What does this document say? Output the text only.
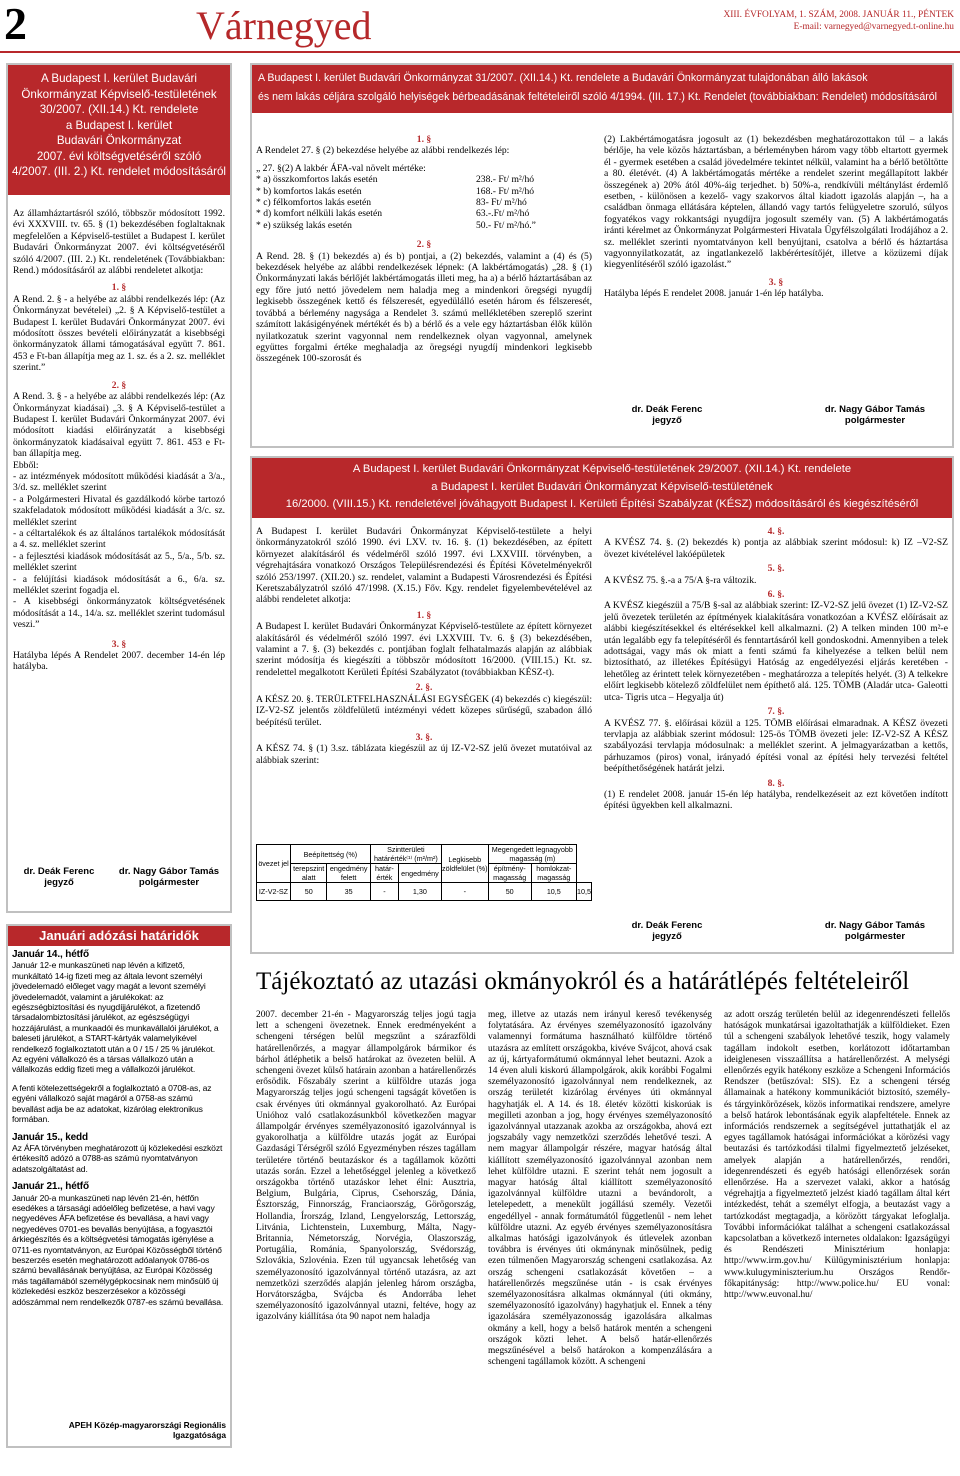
2	Várnegyed	XIII. ÉVFOLYAM, 1. SZÁM, 2008. JANUÁR 11., PÉNTEK
E-mail: varnegyed@varnegyed.t-online.hu
A Budapest I. kerület Budavári
Önkormányzat Képviselő-testületének
30/2007. (XII.14.) Kt. rendelete
a Budapest I. kerület
Budavári Önkormányzat
2007. évi költségvetéséről szóló
4/2007. (III. 2.) Kt. rendelet módosításáról

Az államháztartásról szóló, többször módosított 1992. évi XXXVIII. tv. 65. § (1) bekezdésében foglaltaknak megfelelően a Képviselő-testület a Budapest I. kerület Budavári Önkormányzat 2007. évi költségvetéséről szóló 4/2007. (III. 2.) Kt. rendeletének (Továbbiakban: Rend.) módosításáról az alábbi rendeletet alkotja:

1. §

A Rend. 2. § - a helyébe az alábbi rendelkezés lép: (Az Önkormányzat bevételei) „2. § A Képviselő-testület a Budapest I. kerület Budavári Önkormányzat 2007. évi módosított összes bevételi előirányzatát a kisebbségi önkormányzatok állami támogatásával együtt 7. 861. 453 e Ft-ban állapítja meg az 1. sz. és a 2. sz. melléklet szerint.”

2. §

A Rend. 3. § - a helyébe az alábbi rendelkezés lép: (Az Önkormányzat kiadásai) „3. § A Képviselő-testület a Budapest I. kerület Budavári Önkormányzat 2007. évi módosított kiadási előirányzatát a kisebbségi önkormányzatok kiadásaival együtt 7. 861. 453 e Ft-ban állapítja meg.

Ebből:

- az intézmények módosított működési kiadását a 3/a., 3/d. sz. melléklet szerint

- a Polgármesteri Hivatal és gazdálkodó körbe tartozó szakfeladatok módosított működési kiadását a 3/c. sz. melléklet szerint

- a céltartalékok és az általános tartalékok módosítását a 4. sz. melléklet szerint

- a fejlesztési kiadások módosítását az 5., 5/a., 5/b. sz. melléklet szerint

- a felújítási kiadások módosítását a 6., 6/a. sz. melléklet szerint fogadja el.

- A kisebbségi önkormányzatok költségvetésének módosítását a 14., 14/a. sz. melléklet szerint tudomásul veszi.”

3. §

Hatályba lépés A Rendelet 2007. december 14-én lép hatályba.

dr. Deák Ferenc
jegyző
dr. Nagy Gábor Tamás
polgármester
Januári adózási határidők
Január 14., hétfő

Január 12-e munkaszüneti nap lévén a kifizető, munkáltató 14-ig fizeti meg az általa levont személyi jövedelemadó előleget vagy magát a levont személyi jövedelemadót, valamint a járulékokat: az egészségbiztosítási és nyugdíjjárulékot, a fizetendő társadalombiztosítási járulékot, az egészségügyi hozzájárulást, a munkaadói és munkavállalói járulékot, a baleseti járulékot, a START-kártyák valamelyikével rendelkező foglalkoztatott után a 0 / 15 / 25 % járulékot. Az egyéni vállalkozó és a társas vállalkozó után a vállalkozás eddig fizeti meg a vállalkozói járulékot.

A fenti kötelezettségekről a foglalkoztató a 0708-as, az egyéni vállalkozó saját magáról a 0758-as számú bevallást adja be az adatokat, kizárólag elektronikus formában.

Január 15., kedd

Az ÁFA törvényben meghatározott új közlekedési eszközt értékesítő adózó a 0788-as számú nyomtatványon adatszolgáltatást ad.

Január 21., hétfő

Január 20-a munkaszüneti nap lévén 21-én, hétfőn esedékes a társasági adóelőleg befizetése, a havi vagy negyedéves ÁFA befizetése és bevallása, a havi vagy negyedéves 0701-es bevallás benyújtása, a fogyasztói árkiegészítés és a költségvetési támogatás igénylése a 0711-es nyomtatványon, az Európai Közösségből történő beszerzés esetén meghatározott adóalanyok 0786-os számú bevallásának benyújtása, az Európai Közösség más tagállamából személygépkocsinak nem minősülő új közlekedési eszköz beszerzésekor a közösségi adószámmal nem rendelkezők 0787-es számú bevallása.

APEH Közép-magyarországi Regionális Igazgatósága
A Budapest I. kerület Budavári Önkormányzat 31/2007. (XII.14.) Kt. rendelete a Budavári Önkormányzat tulajdonában álló lakások
és nem lakás céljára szolgáló helyiségek bérbeadásának feltételeiről szóló 4/1994. (III. 17.) Kt. Rendelet (továbbiakban: Rendelet) módosításáról

1. §

A Rendelet 27. § (2) bekezdése helyébe az alábbi rendelkezés lép:

„ 27. §(2) A lakbér ÁFA-val növelt mértéke:

* a) összkomfortos lakás esetén	238.- Ft/ m²/hó
* b) komfortos lakás esetén	168.- Ft/ m²/hó
* c) félkomfortos lakás esetén	83- Ft/ m²/hó
* d) komfort nélküli lakás esetén	63.-.Ft/ m²/hó
* e) szükség lakás esetén	50.- Ft/ m²/hó.”

2. §

A Rend. 28. § (1) bekezdés a) és b) pontjai, a (2) bekezdés, valamint a (4) és (5) bekezdések helyébe az alábbi rendelkezések lépnek: (A lakbértámogatás) „28. § (1) Önkormányzati lakás bérlőjét lakbértámogatás illeti meg, ha a) a bérlő háztartásában az egy főre jutó nettó jövedelem nem haladja meg a mindenkori öregségi nyugdíj legkisebb összegének kettő és félszeresét, egyedülálló esetén három és félszeresét, továbbá a bérlemény nagysága a Rendelet 3. számú mellékletében szereplő szerint számított lakásigényének mértékét és b) a bérlő és a vele egy háztartásban élők külön nyilatkozatuk szerint vagyonnal nem rendelkeznek olyan vagyonnal, amelynek együttes forgalmi értéke meghaladja az öregségi nyugdíj mindenkori legkisebb összegének 100-szorosát és

(2) Lakbértámogatásra jogosult az (1) bekezdésben meghatározottakon túl – a lakás bérlője, ha vele közös háztartásban, a bérleményben három vagy több eltartott gyermek él - gyermek esetében a család jövedelmére tekintet nélkül, valamint ha a bérlő betöltötte a 80. életévét. (4) A lakbértámogatás mértéke a rendelet szerint megállapított lakbér összegének a) 20% ától 40%-áig terjedhet. b) 50%-a, rendkívüli méltánylást érdemlő esetben, - különösen a kezelő- vagy szakorvos által kiadott igazolás alapján –, ha a családban önmaga ellátására képtelen, állandó vagy tartós felügyeletre szoruló, súlyos fogyatékos vagy rokkantsági nyugdíjra jogosult személy van. (5) A lakbértámogatás iránti kérelmet az Önkormányzat Polgármesteri Hivatala Ügyfélszolgálati Irodájához a 2. sz. melléklet szerinti nyomtatványon kell benyújtani, csatolva a bérlő és háztartása vagyonnyilatkozatát, az ingatlankezelő lakbérértesítőjét, illetve a közüzemi díjak kiegyenlítéséről szóló igazolást.”

3. §

Hatályba lépés E rendelet 2008. január 1-én lép hatályba.

dr. Deák Ferenc
jegyző
dr. Nagy Gábor Tamás
polgármester
A Budapest I. kerület Budavári Önkormányzat Képviselő-testületének 29/2007. (XII.14.) Kt. rendelete
a Budapest I. kerület Budavári Önkormányzat Képviselő-testületének
16/2000. (VIII.15.) Kt. rendeletével jóváhagyott Budapest I. Kerületi Építési Szabályzat (KÉSZ) módosításáról és kiegészítéséről

A Budapest I. kerület Budavári Önkormányzat Képviselő-testülete a helyi önkormányzatokról szóló 1990. évi LXV. tv. 16. §. (1) bekezdésében, az épített környezet alakításáról és védelméről szóló 1997. évi LXXVIII. törvényben, a végrehajtására vonatkozó Országos Településrendezési és Építési Követelményekről szóló 253/1997. (XII.20.) sz. rendelet, valamint a Budapesti Városrendezési és Építési Keretszabályzatról szóló 47/1998. (X.15.) Főv. Kgy. rendelet figyelembevételével az alábbi rendeletet alkotja:

1. §

A Budapest I. kerület Budavári Önkormányzat Képviselő-testülete az épített környezet alakításáról és védelméről szóló 1997. évi LXXVIII. Tv. 6. § (3) bekezdésében, valamint a 7. §. (3) bekezdés c. pontjában foglalt felhatalmazás alapján az alábbiak szerint módosítja és kiegészíti a többször módosított 16/2000. (VIII.15.) Kt. sz. rendelettel megalkotott Kerületi Építési Szabályzatot (továbbiakban KÉSZ-t).

2. §.

A KÉSZ 20. §. TERÜLETFELHASZNÁLÁSI EGYSÉGEK (4) bekezdés c) kiegészül: IZ-V2-SZ jelentős zöldfelületű intézményi védett közepes sűrűségű, szabadon álló beépítésű terület.

3. §.

A KÉSZ 74. § (1) 3.sz. táblázata kiegészül az új IZ-V2-SZ jelű övezet mutatóival az alábbiak szerint:

övezet jel	Beépítettség (%)		Szintterületi határérték⁽¹⁾ (m²/m²)		Legkisebb zöldfelület (%)	Megengedett legnagyobb magasság (m)		
	terepszint alatt	engedmény felett	határ-érték	engedmény		építmény-magasság	homlokzat-magasság	
IZ-V2-SZ	50	35	-	1,30	-	50	10,5	10,5

4. §.

A KVÉSZ 74. §. (2) bekezdés k) pontja az alábbiak szerint módosul: k) IZ –V2-SZ övezet kivételével lakóépületek

5. §.

A KVÉSZ 75. §.-a a 75/A §-ra változik.

6. §.

A KVÉSZ kiegészül a 75/B §-sal az alábbiak szerint: IZ-V2-SZ jelű övezet (1) IZ-V2-SZ jelű övezetek területén az építmények kialakítására vonatkozóan a KVÉSZ előírásait az alábbi kiegészítésekkel és eltérésekkel kell alkalmazni. (2) A telken minden 100 m²-e után legalább egy fa telepítéséről és fenntartásáról kell gondoskodni. Amennyiben a telek adottságai, vagy más ok miatt a fenti számú fa kihelyezése a telken belül nem biztosítható, az illetékes Építésügyi Hatóság az engedélyezési eljárás keretében - lehetőleg az érintett telek környezetében - meghatározza a telepítés helyét. (3) A telkekre előírt legkisebb kötelező zöldfelület nem építhető alá. 125. TÖMB (Aladár utca- Galeotti utca- Tigris utca – Hegyalja út)

7. §.

A KVÉSZ 77. §. előírásai közül a 125. TÖMB előírásai elmaradnak. A KÉSZ övezeti tervlapja az alábbiak szerint módosul: 125-ös TÖMB övezeti jele: IZ-V2-SZ A KÉSZ szabályozási tervlapja módosulnak: a melléklet szerint. A jelmagyarázatban a kettős, párhuzamos (piros) vonal, irányadó építési vonal az építési hely tervezési feltétel beépíthetőségének határát jelzi.

8. §.

(1) E rendelet 2008. január 15-én lép hatályba, rendelkezéseit az ezt követően indított építési ügyekben kell alkalmazni.

dr. Deák Ferenc
jegyző
dr. Nagy Gábor Tamás
polgármester
Tájékoztató az utazási okmányokról és a határátlépés feltételeiről
2007. december 21-én - Magyarország teljes jogú tagja lett a schengeni övezetnek. Ennek eredményeként a schengeni térségen belül megszűnt a szárazföldi határellenőrzés, a magyar állampolgárok bármikor és bárhol átléphetik a belső határokat az övezeten belül. A schengeni övezet külső határain azonban a határellenőrzés erősödik. Főszabály szerint a külföldre utazás joga Magyarország teljes jogú schengeni tagságát követően is csak érvényes úti okmánnyal gyakorolható. Az Európai Unióhoz való csatlakozásunkból következően magyar állampolgár érvényes személyazonosító igazolvánnyal is gyakorolhatja a külföldre utazás jogát az Európai Gazdasági Térségről szóló Egyezményben részes tagállam területére történő beutazáskor és a tagállamok közötti utazás során. Ezzel a lehetőséggel jelenleg a következő országokba történő utazáskor lehet élni: Ausztria, Belgium, Bulgária, Ciprus, Csehország, Dánia, Észtország, Finnország, Franciaország, Görögország, Hollandia, Írország, Izland, Lengyelország, Lettország, Litvánia, Lichtenstein, Luxemburg, Málta, Nagy-Britannia, Németország, Norvégia, Olaszország, Portugália, Románia, Spanyolország, Svédország, Szlovákia, Szlovénia. Ezen túl ugyancsak lehetőség van személyazonosító igazolvánnyal történő utazásra, az azt nemzetközi szerződés alapján jelenleg három országba, Horvátországba, Svájcba és Andorrába lehet személyazonosító igazolvánnyal utazni, feltéve, hogy az igazolvány kiállítása óta 90 napot nem haladja
meg, illetve az utazás nem irányul kereső tevékenység folytatására. Az érvényes személyazonosító igazolvány valamennyi formátuma használható külföldre történő utazásra az említett országokba, kivéve Svájcot, ahová csak az új, kártyaformátumú okmánnyal lehet beutazni. Azok a 14 éven aluli kiskorú állampolgárok, akik korábbi Fogalmi személyazonosító igazolvánnyal nem rendelkeznek, az ország területét kizárólag érvényes úti okmánnyal hagyhatják el. A 14. és 18. életév közötti kiskorúak is megilleti azonban a jog, hogy érvényes személyazonosító igazolvánnyal utazzanak azokba az országokba, ahová ezt jogszabály vagy nemzetközi szerződés lehetővé teszi. A nem magyar állampolgár részére, magyar hatóság által kiállított személyazonosító igazolvánnyal azonban nem lehet külföldre utazni. E szerint tehát nem jogosult a magyar hatóság által kiállított személyazonosító igazolvánnyal külföldre utazni a bevándorolt, a letelepedett, a menekült jogállású személy. Vezetői engedéllyel - annak formátumától függetlenül - nem lehet külföldre utazni. Az egyéb érvényes személyazonosításra alkalmas hatósági igazolványok és útlevelek azonban továbbra is érvényes úti okmánynak minősülnek, pedig ezen túlmenően Magyarország schengeni csatlakozása. Az ország schengeni csatlakozását követően – a határellenőrzés megszűnése után - is csak érvényes személyazonosításra alkalmas okmánnyal (úti okmány, személyazonosító igazolvány) hagyhatjuk el. Ennek a tény igazolására személyazonosság igazolására alkalmas okmány a kell, hogy a belső határok mentén a schengeni országok közti lehet. A belső határ-ellenőrzés megszűnésével a belső határokon a kompenzálására a schengeni tagállamok között. A schengeni
az adott ország területén belül az idegenrendészeti fellelős hatóságok munkatársai igazoltathatják a külföldieket. Ezen túl a schengeni szabályok lehetővé teszik, hogy valamely tagállam indokolt esetben, korlátozott időtartamban ideiglenesen visszaállítsa a határellenőrzést. A melységi ellenőrzés egyik hatékony eszköze a Schengeni Információs Rendszer (betűszóval: SIS). Ez a schengeni térség államainak a hatékony kommunikációt biztosító, személy- és tárgyinkörözések, közös informatikai rendszere, amelyre a belső határok lebontásának egyik alapfeltétele. Ennek az információs rendszernek a segítségével juttathatják el az egyes tagállamok hatóságai információkat a körözési vagy beutazási és tartózkodási tilalmi figyelmeztető jelzéseket, amelyek alapján a határellenőrzés, rendőri, idegenrendészeti és egyéb hatósági ellenőrzések során ellenőrzése. Ha a szervezet valaki, akkor a hatóság végrehajtja a figyelmeztető jelzést kiadó tagállam által kért intézkedést, tehát a személyt elfogja, a beutazást vagy a tartózkodást megtagadja, a körözött tárgyakat lefoglalja. További információkat találhat a schengeni csatlakozással kapcsolatban a következő internetes oldalakon: Igazságügyi és Rendészeti Minisztérium honlapja: http://www.irm.gov.hu/ Külügyminisztérium honlapja: www.kulugyminiszterium.hu Országos Rendőr-főkapitányság: http://www.police.hu/ EU vonal: http://www.euvonal.hu/
